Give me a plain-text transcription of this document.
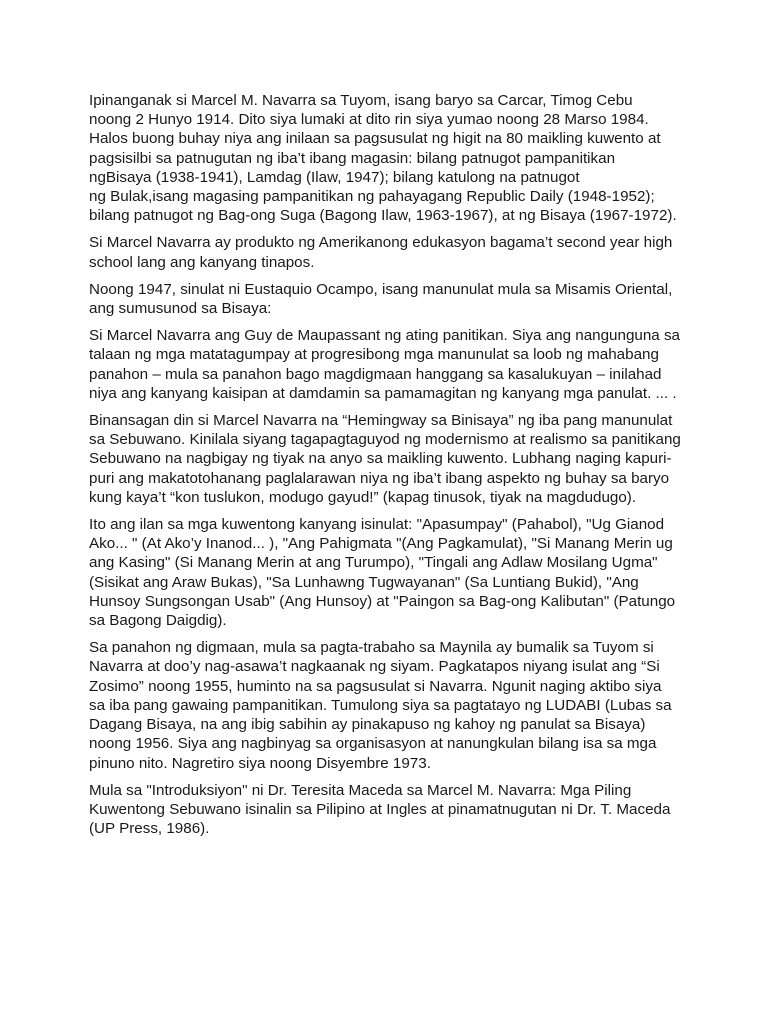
Ipinanganak si Marcel M. Navarra sa Tuyom, isang baryo sa Carcar, Timog Cebu
noong 2 Hunyo 1914. Dito siya lumaki at dito rin siya yumao noong 28 Marso 1984.
Halos buong buhay niya ang inilaan sa pagsusulat ng higit na 80 maikling kuwento at
pagsisilbi sa patnugutan ng iba’t ibang magasin: bilang patnugot pampanitikan
ngBisaya (1938-1941), Lamdag (Ilaw, 1947); bilang katulong na patnugot
ng Bulak,isang magasing pampanitikan ng pahayagang Republic Daily (1948-1952);
bilang patnugot ng Bag-ong Suga (Bagong Ilaw, 1963-1967), at ng Bisaya (1967-1972).

Si Marcel Navarra ay produkto ng Amerikanong edukasyon bagama’t second year high
school lang ang kanyang tinapos.

Noong 1947, sinulat ni Eustaquio Ocampo, isang manunulat mula sa Misamis Oriental,
ang sumusunod sa Bisaya:

Si Marcel Navarra ang Guy de Maupassant ng ating panitikan. Siya ang nangunguna sa
talaan ng mga matatagumpay at progresibong mga manunulat sa loob ng mahabang
panahon – mula sa panahon bago magdigmaan hanggang sa kasalukuyan – inilahad
niya ang kanyang kaisipan at damdamin sa pamamagitan ng kanyang mga panulat. ... .

Binansagan din si Marcel Navarra na “Hemingway sa Binisaya” ng iba pang manunulat
sa Sebuwano. Kinilala siyang tagapagtaguyod ng modernismo at realismo sa panitikang
Sebuwano na nagbigay ng tiyak na anyo sa maikling kuwento. Lubhang naging kapuri-
puri ang makatotohanang paglalarawan niya ng iba’t ibang aspekto ng buhay sa baryo
kung kaya’t “kon tuslukon, modugo gayud!” (kapag tinusok, tiyak na magdudugo).

Ito ang ilan sa mga kuwentong kanyang isinulat: "Apasumpay" (Pahabol), "Ug Gianod
Ako... " (At Ako’y Inanod... ), "Ang Pahigmata "(Ang Pagkamulat), "Si Manang Merin ug
ang Kasing" (Si Manang Merin at ang Turumpo), "Tingali ang Adlaw Mosilang Ugma"
(Sisikat ang Araw Bukas), "Sa Lunhawng Tugwayanan" (Sa Luntiang Bukid), "Ang
Hunsoy Sungsongan Usab" (Ang Hunsoy) at "Paingon sa Bag-ong Kalibutan" (Patungo
sa Bagong Daigdig).

Sa panahon ng digmaan, mula sa pagta-trabaho sa Maynila ay bumalik sa Tuyom si
Navarra at doo’y nag-asawa’t nagkaanak ng siyam. Pagkatapos niyang isulat ang “Si
Zosimo” noong 1955, huminto na sa pagsusulat si Navarra. Ngunit naging aktibo siya
sa iba pang gawaing pampanitikan. Tumulong siya sa pagtatayo ng LUDABI (Lubas sa
Dagang Bisaya, na ang ibig sabihin ay pinakapuso ng kahoy ng panulat sa Bisaya)
noong 1956. Siya ang nagbinyag sa organisasyon at nanungkulan bilang isa sa mga
pinuno nito. Nagretiro siya noong Disyembre 1973.

Mula sa "Introduksiyon" ni Dr. Teresita Maceda sa Marcel M. Navarra: Mga Piling
Kuwentong Sebuwano isinalin sa Pilipino at Ingles at pinamatnugutan ni Dr. T. Maceda
(UP Press, 1986).
